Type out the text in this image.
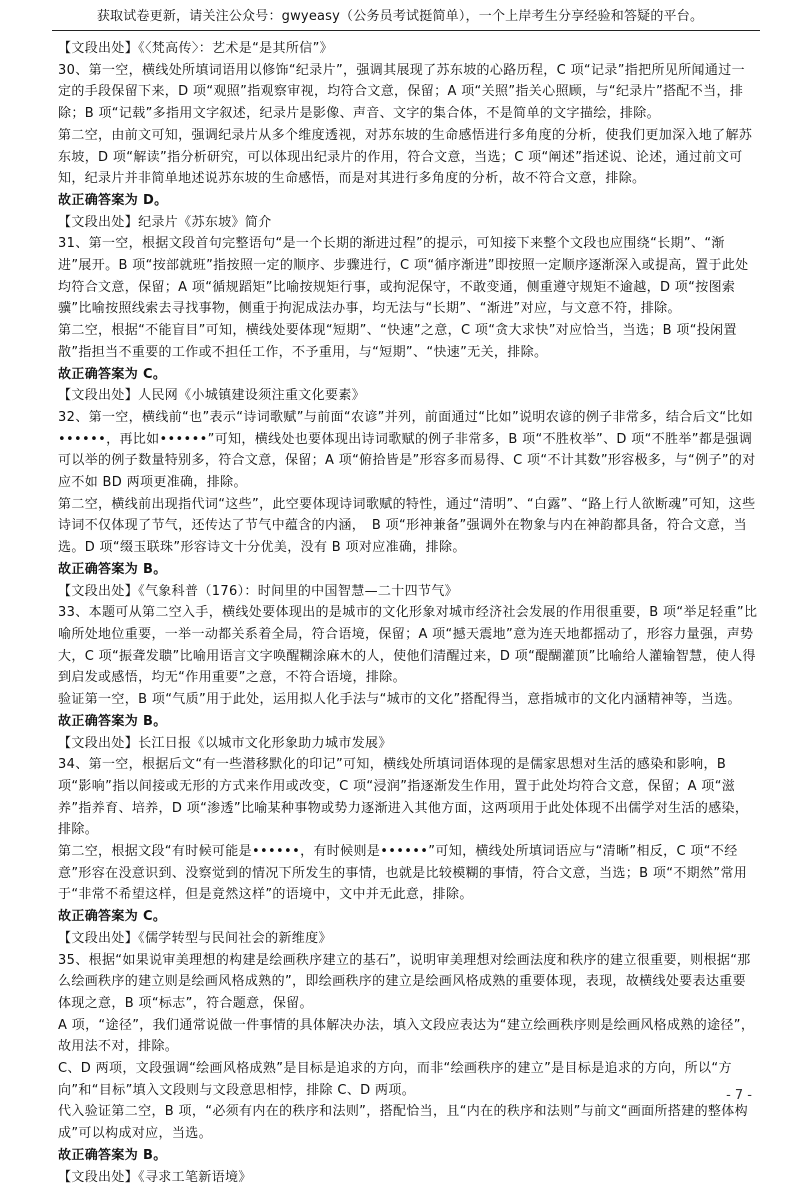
获取试卷更新，请关注公众号：gwyeasy（公务员考试挺简单），一个上岸考生分享经验和答疑的平台。

【文段出处】《〈梵高传〉：艺术是“是其所信”》

30、第一空，横线处所填词语用以修饰“纪录片”，强调其展现了苏东坡的心路历程，C 项“记录”指把所见所闻通过一定的手段保留下来，D 项“观照”指观察审视，均符合文意，保留；A 项“关照”指关心照顾，与“纪录片”搭配不当，排除；B 项“记载”多指用文字叙述，纪录片是影像、声音、文字的集合体，不是简单的文字描绘，排除。

第二空，由前文可知，强调纪录片从多个维度透视，对苏东坡的生命感悟进行多角度的分析，使我们更加深入地了解苏东坡，D 项“解读”指分析研究，可以体现出纪录片的作用，符合文意，当选；C 项“阐述”指述说、论述，通过前文可知，纪录片并非简单地述说苏东坡的生命感悟，而是对其进行多角度的分析，故不符合文意，排除。

故正确答案为 D。

【文段出处】纪录片《苏东坡》简介

31、第一空，根据文段首句完整语句“是一个长期的渐进过程”的提示，可知接下来整个文段也应围绕“长期”、“渐进”展开。B 项“按部就班”指按照一定的顺序、步骤进行，C 项“循序渐进”即按照一定顺序逐渐深入或提高，置于此处均符合文意，保留；A 项“循规蹈矩”比喻按规矩行事，或拘泥保守，不敢变通，侧重遵守规矩不逾越，D 项“按图索骥”比喻按照线索去寻找事物，侧重于拘泥成法办事，均无法与“长期”、“渐进”对应，与文意不符，排除。

第二空，根据“不能盲目”可知，横线处要体现“短期”、“快速”之意，C 项“贪大求快”对应恰当，当选；B 项“投闲置散”指担当不重要的工作或不担任工作，不予重用，与“短期”、“快速”无关，排除。

故正确答案为 C。

【文段出处】人民网《小城镇建设须注重文化要素》

32、第一空，横线前“也”表示“诗词歌赋”与前面“农谚”并列，前面通过“比如”说明农谚的例子非常多，结合后文“比如••••••，再比如••••••”可知，横线处也要体现出诗词歌赋的例子非常多，B 项“不胜枚举”、D 项“不胜举”都是强调可以举的例子数量特别多，符合文意，保留；A 项“俯拾皆是”形容多而易得、C 项“不计其数”形容极多，与“例子”的对应不如 BD 两项更准确，排除。

第二空，横线前出现指代词“这些”，此空要体现诗词歌赋的特性，通过“清明”、“白露”、“路上行人欲断魂”可知，这些诗词不仅体现了节气，还传达了节气中蕴含的内涵，　B 项“形神兼备”强调外在物象与内在神韵都具备，符合文意，当选。D 项“缀玉联珠”形容诗文十分优美，没有 B 项对应准确，排除。

故正确答案为 B。

【文段出处】《气象科普（176）：时间里的中国智慧—二十四节气》

33、本题可从第二空入手，横线处要体现出的是城市的文化形象对城市经济社会发展的作用很重要，B 项“举足轻重”比喻所处地位重要，一举一动都关系着全局，符合语境，保留；A 项“撼天震地”意为连天地都摇动了，形容力量强，声势大，C 项“振聋发聩”比喻用语言文字唤醒糊涂麻木的人，使他们清醒过来，D 项“醍醐灌顶”比喻给人灌输智慧，使人得到启发或感悟，均无“作用重要”之意，不符合语境，排除。

验证第一空，B 项“气质”用于此处，运用拟人化手法与“城市的文化”搭配得当，意指城市的文化内涵精神等，当选。

故正确答案为 B。

【文段出处】长江日报《以城市文化形象助力城市发展》

34、第一空，根据后文“有一些潜移默化的印记”可知，横线处所填词语体现的是儒家思想对生活的感染和影响，B 项“影响”指以间接或无形的方式来作用或改变，C 项“浸润”指逐渐发生作用，置于此处均符合文意，保留；A 项“滋养”指养育、培养，D 项“渗透”比喻某种事物或势力逐渐进入其他方面，这两项用于此处体现不出儒学对生活的感染，排除。

第二空，根据文段“有时候可能是••••••，有时候则是••••••”可知，横线处所填词语应与“清晰”相反，C 项“不经意”形容在没意识到、没察觉到的情况下所发生的事情，也就是比较模糊的事情，符合文意，当选；B 项“不期然”常用于“非常不希望这样，但是竟然这样”的语境中，文中并无此意，排除。

故正确答案为 C。

【文段出处】《儒学转型与民间社会的新维度》

35、根据“如果说审美理想的构建是绘画秩序建立的基石”，说明审美理想对绘画法度和秩序的建立很重要，则根据“那么绘画秩序的建立则是绘画风格成熟的”，即绘画秩序的建立是绘画风格成熟的重要体现，表现，故横线处要表达重要体现之意，B 项“标志”，符合题意，保留。

A 项，“途径”，我们通常说做一件事情的具体解决办法，填入文段应表达为“建立绘画秩序则是绘画风格成熟的途径”，故用法不对，排除。

C、D 两项，文段强调“绘画风格成熟”是目标是追求的方向，而非“绘画秩序的建立”是目标是追求的方向，所以“方向”和“目标”填入文段则与文段意思相悖，排除 C、D 两项。

代入验证第二空，B 项，“必须有内在的秩序和法则”，搭配恰当，且“内在的秩序和法则”与前文“画面所搭建的整体构成”可以构成对应，当选。

故正确答案为 B。

【文段出处】《寻求工笔新语境》

- 7 -
